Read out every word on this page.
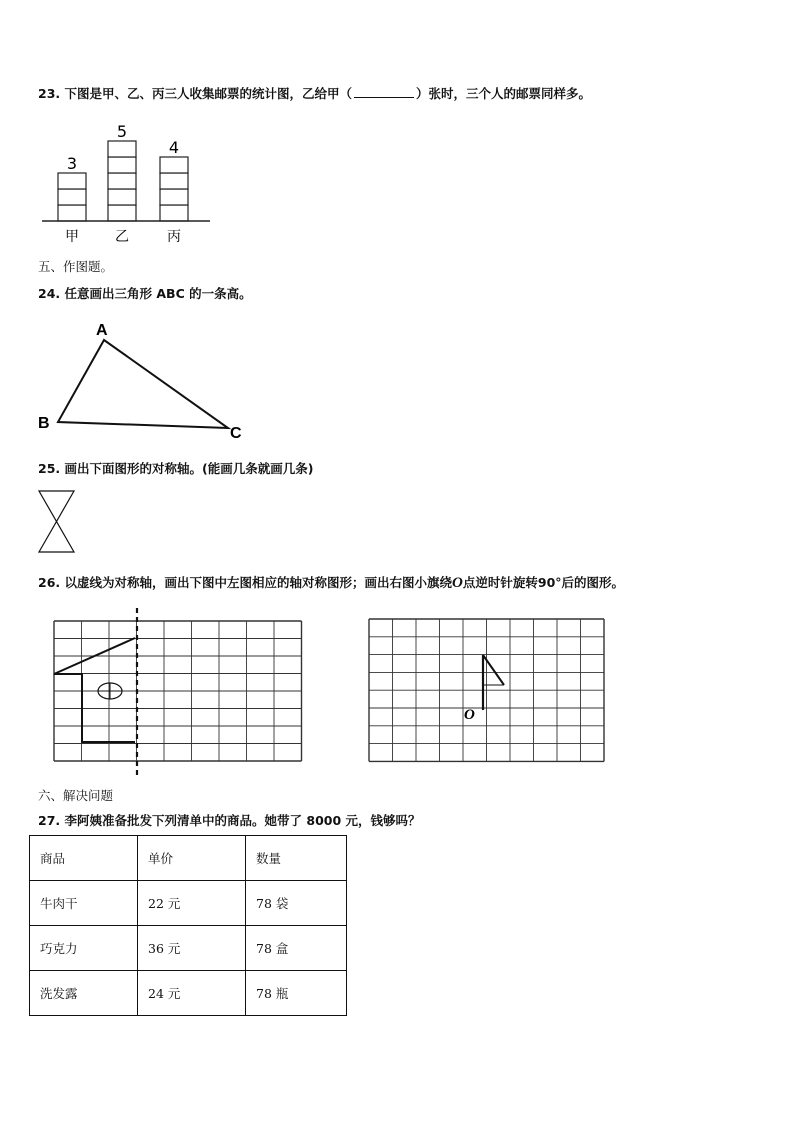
23. 下图是甲、乙、丙三人收集邮票的统计图，乙给甲（	）张时，三个人的邮票同样多。
3
甲
5
乙
4
丙
五、作图题。
24. 任意画出三角形 ABC 的一条高。
A
B
C
25. 画出下面图形的对称轴。(能画几条就画几条)
26. 以虚线为对称轴，画出下图中左图相应的轴对称图形；画出右图小旗绕O点逆时针旋转90°后的图形。
O
六、解决问题
27. 李阿姨准备批发下列清单中的商品。她带了 8000 元，钱够吗？
商品	单价	数量
牛肉干	22 元	78 袋
巧克力	36 元	78 盒
洗发露	24 元	78 瓶
